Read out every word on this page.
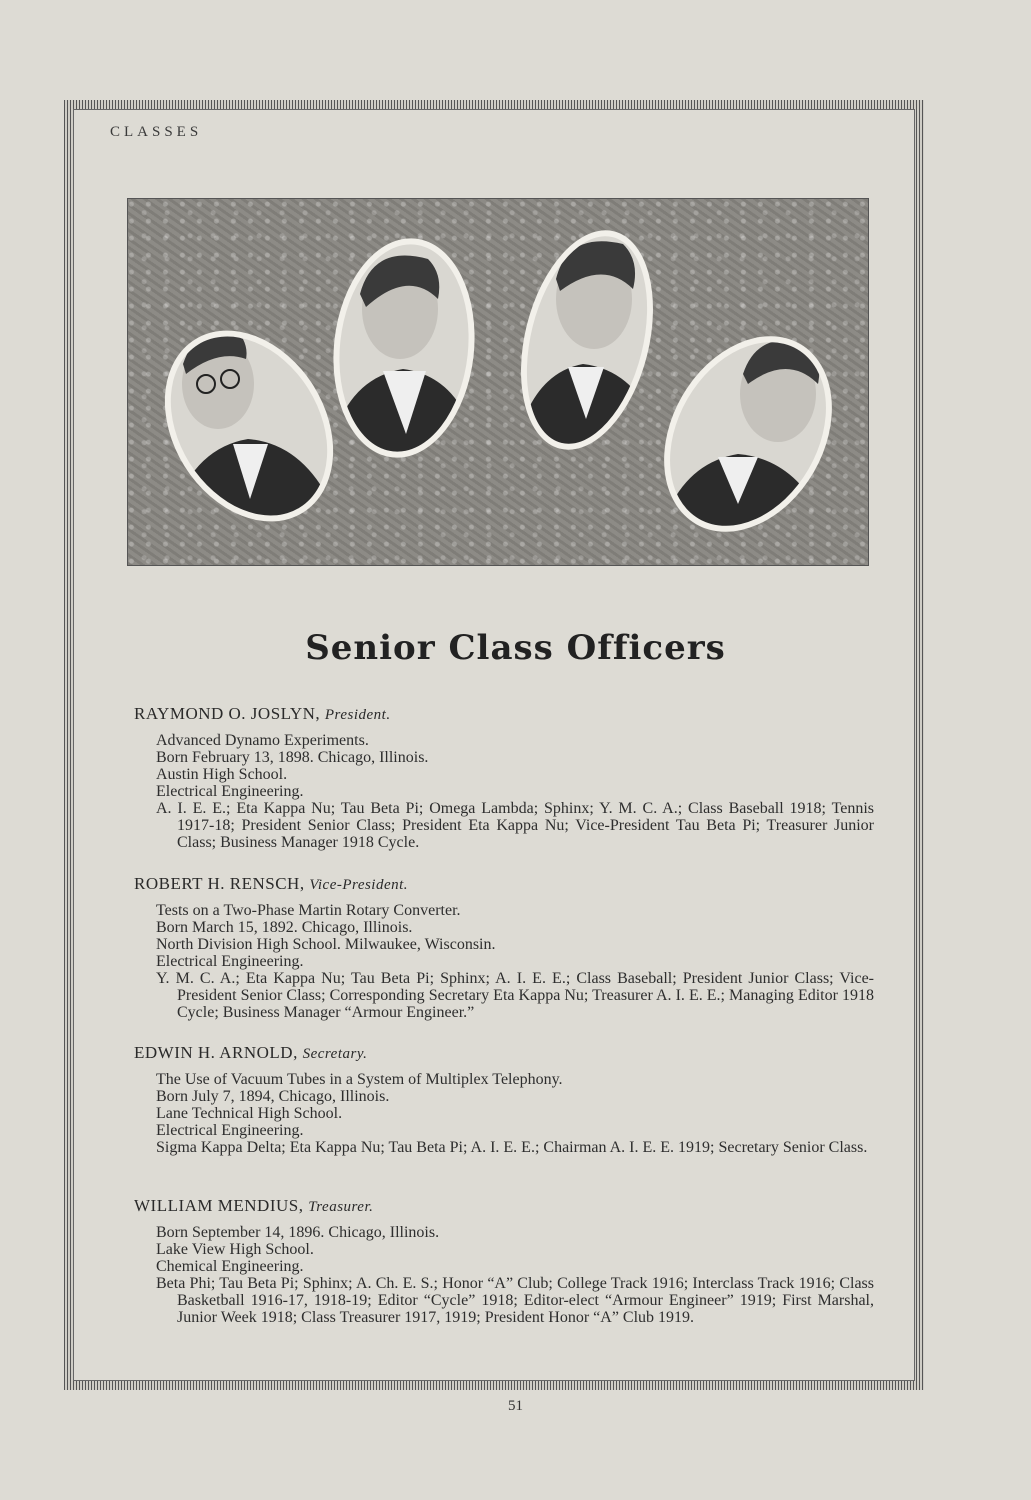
CLASSES
Senior Class Officers
RAYMOND O. JOSLYN, President.
Advanced Dynamo Experiments.
Born February 13, 1898. Chicago, Illinois.
Austin High School.
Electrical Engineering.
A. I. E. E.; Eta Kappa Nu; Tau Beta Pi; Omega Lambda; Sphinx; Y. M. C. A.; Class Baseball 1918; Tennis 1917-18; President Senior Class; President Eta Kappa Nu; Vice-President Tau Beta Pi; Treasurer Junior Class; Business Manager 1918 Cycle.
ROBERT H. RENSCH, Vice-President.
Tests on a Two-Phase Martin Rotary Converter.
Born March 15, 1892. Chicago, Illinois.
North Division High School. Milwaukee, Wisconsin.
Electrical Engineering.
Y. M. C. A.; Eta Kappa Nu; Tau Beta Pi; Sphinx; A. I. E. E.; Class Baseball; President Junior Class; Vice-President Senior Class; Corresponding Secretary Eta Kappa Nu; Treasurer A. I. E. E.; Managing Editor 1918 Cycle; Business Manager “Armour Engineer.”
EDWIN H. ARNOLD, Secretary.
The Use of Vacuum Tubes in a System of Multiplex Telephony.
Born July 7, 1894, Chicago, Illinois.
Lane Technical High School.
Electrical Engineering.
Sigma Kappa Delta; Eta Kappa Nu; Tau Beta Pi; A. I. E. E.; Chairman A. I. E. E. 1919; Secretary Senior Class.
WILLIAM MENDIUS, Treasurer.
Born September 14, 1896. Chicago, Illinois.
Lake View High School.
Chemical Engineering.
Beta Phi; Tau Beta Pi; Sphinx; A. Ch. E. S.; Honor “A” Club; College Track 1916; Interclass Track 1916; Class Basketball 1916-17, 1918-19; Editor “Cycle” 1918; Editor-elect “Armour Engineer” 1919; First Marshal, Junior Week 1918; Class Treasurer 1917, 1919; President Honor “A” Club 1919.
51
